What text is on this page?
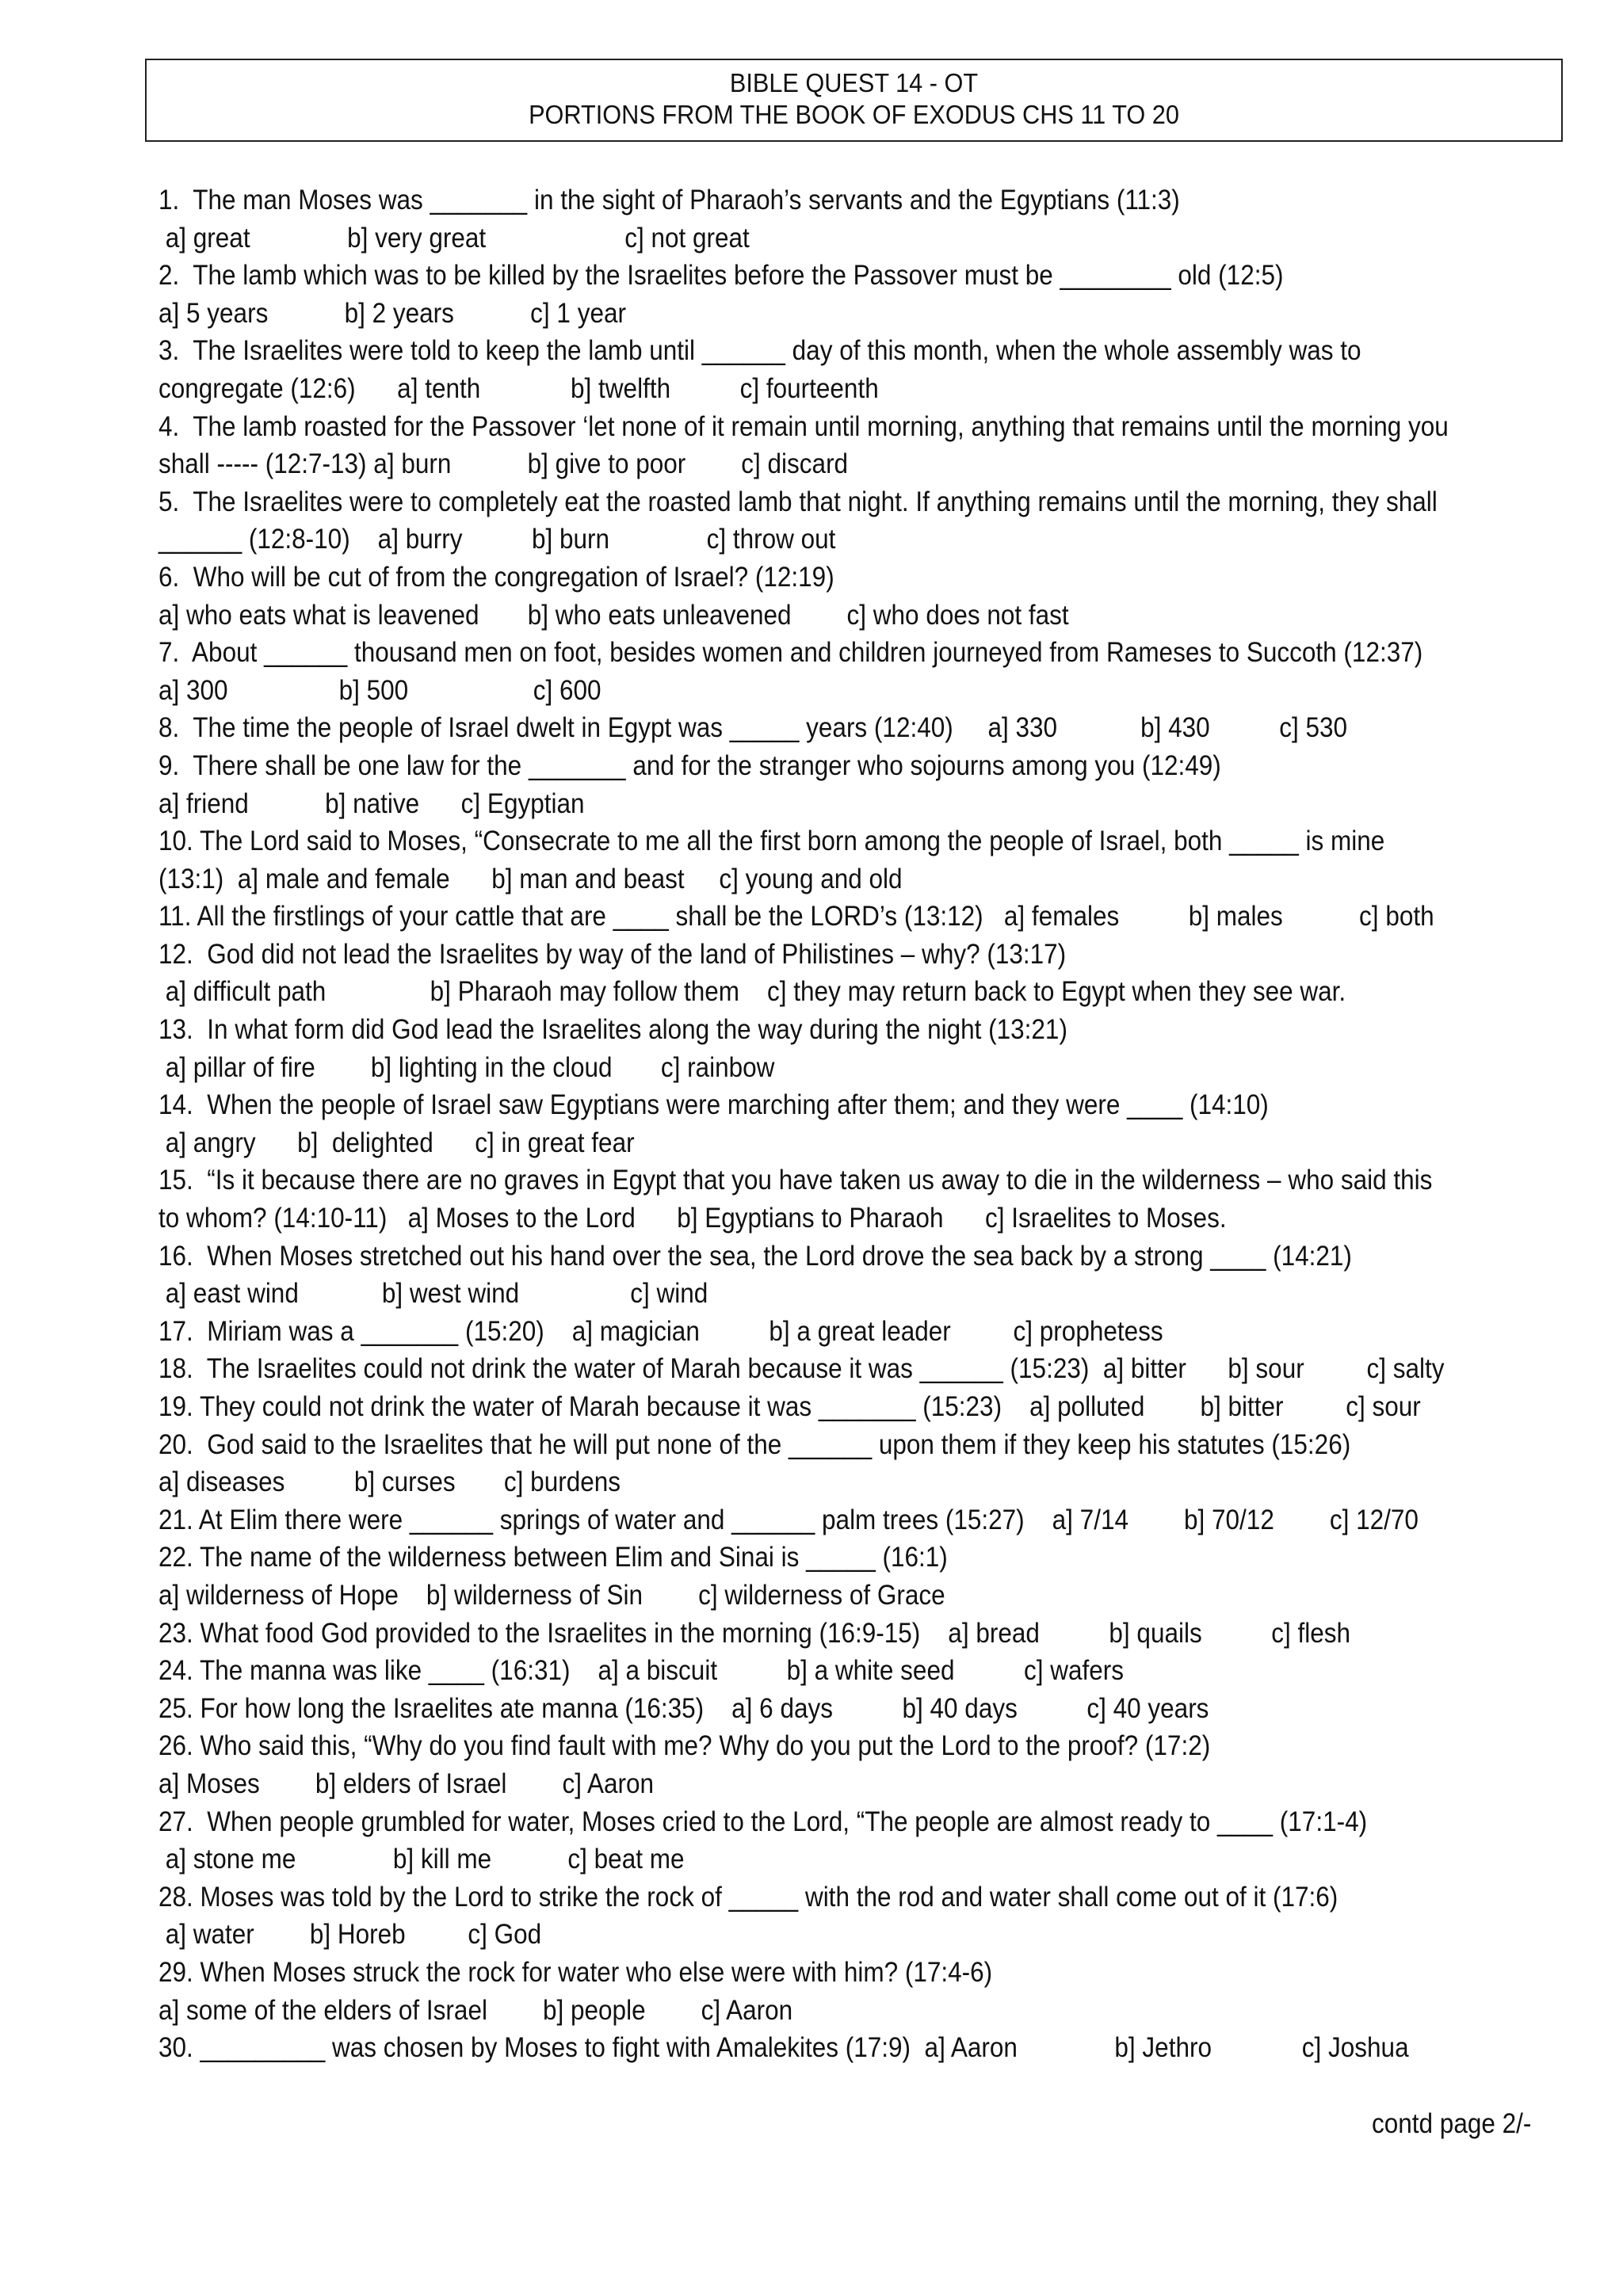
BIBLE QUEST 14 - OT
PORTIONS FROM THE BOOK OF EXODUS CHS 11 TO 20
1.  The man Moses was _______ in the sight of Pharaoh’s servants and the Egyptians (11:3)
a] great              b] very great                    c] not great
2.  The lamb which was to be killed by the Israelites before the Passover must be ________ old (12:5)
a] 5 years           b] 2 years           c] 1 year
3.  The Israelites were told to keep the lamb until ______ day of this month, when the whole assembly was to
congregate (12:6)      a] tenth             b] twelfth          c] fourteenth
4.  The lamb roasted for the Passover ‘let none of it remain until morning, anything that remains until the morning you
shall ----- (12:7-13) a] burn           b] give to poor        c] discard
5.  The Israelites were to completely eat the roasted lamb that night. If anything remains until the morning, they shall
______ (12:8-10)    a] burry          b] burn              c] throw out
6.  Who will be cut of from the congregation of Israel? (12:19)
a] who eats what is leavened       b] who eats unleavened        c] who does not fast
7.  About ______ thousand men on foot, besides women and children journeyed from Rameses to Succoth (12:37)
a] 300                b] 500                  c] 600
8.  The time the people of Israel dwelt in Egypt was _____ years (12:40)     a] 330            b] 430          c] 530
9.  There shall be one law for the _______ and for the stranger who sojourns among you (12:49)
a] friend           b] native      c] Egyptian
10. The Lord said to Moses, “Consecrate to me all the first born among the people of Israel, both _____ is mine
(13:1)  a] male and female      b] man and beast     c] young and old
11. All the firstlings of your cattle that are ____ shall be the LORD’s (13:12)   a] females          b] males           c] both
12.  God did not lead the Israelites by way of the land of Philistines – why? (13:17)
a] difficult path               b] Pharaoh may follow them    c] they may return back to Egypt when they see war.
13.  In what form did God lead the Israelites along the way during the night (13:21)
a] pillar of fire        b] lighting in the cloud       c] rainbow
14.  When the people of Israel saw Egyptians were marching after them; and they were ____ (14:10)
a] angry      b]  delighted      c] in great fear
15.  “Is it because there are no graves in Egypt that you have taken us away to die in the wilderness – who said this
to whom? (14:10-11)   a] Moses to the Lord      b] Egyptians to Pharaoh      c] Israelites to Moses.
16.  When Moses stretched out his hand over the sea, the Lord drove the sea back by a strong ____ (14:21)
a] east wind            b] west wind                c] wind
17.  Miriam was a _______ (15:20)    a] magician          b] a great leader         c] prophetess
18.  The Israelites could not drink the water of Marah because it was ______ (15:23)  a] bitter      b] sour         c] salty
19. They could not drink the water of Marah because it was _______ (15:23)    a] polluted        b] bitter         c] sour
20.  God said to the Israelites that he will put none of the ______ upon them if they keep his statutes (15:26)
a] diseases          b] curses       c] burdens
21. At Elim there were ______ springs of water and ______ palm trees (15:27)    a] 7/14        b] 70/12        c] 12/70
22. The name of the wilderness between Elim and Sinai is _____ (16:1)
a] wilderness of Hope    b] wilderness of Sin        c] wilderness of Grace
23. What food God provided to the Israelites in the morning (16:9-15)    a] bread          b] quails          c] flesh
24. The manna was like ____ (16:31)    a] a biscuit          b] a white seed          c] wafers
25. For how long the Israelites ate manna (16:35)    a] 6 days          b] 40 days          c] 40 years
26. Who said this, “Why do you find fault with me? Why do you put the Lord to the proof? (17:2)
a] Moses        b] elders of Israel        c] Aaron
27.  When people grumbled for water, Moses cried to the Lord, “The people are almost ready to ____ (17:1-4)
a] stone me              b] kill me           c] beat me
28. Moses was told by the Lord to strike the rock of _____ with the rod and water shall come out of it (17:6)
a] water        b] Horeb         c] God
29. When Moses struck the rock for water who else were with him? (17:4-6)
a] some of the elders of Israel        b] people        c] Aaron
30. _________ was chosen by Moses to fight with Amalekites (17:9)  a] Aaron              b] Jethro             c] Joshua
contd page 2/-
